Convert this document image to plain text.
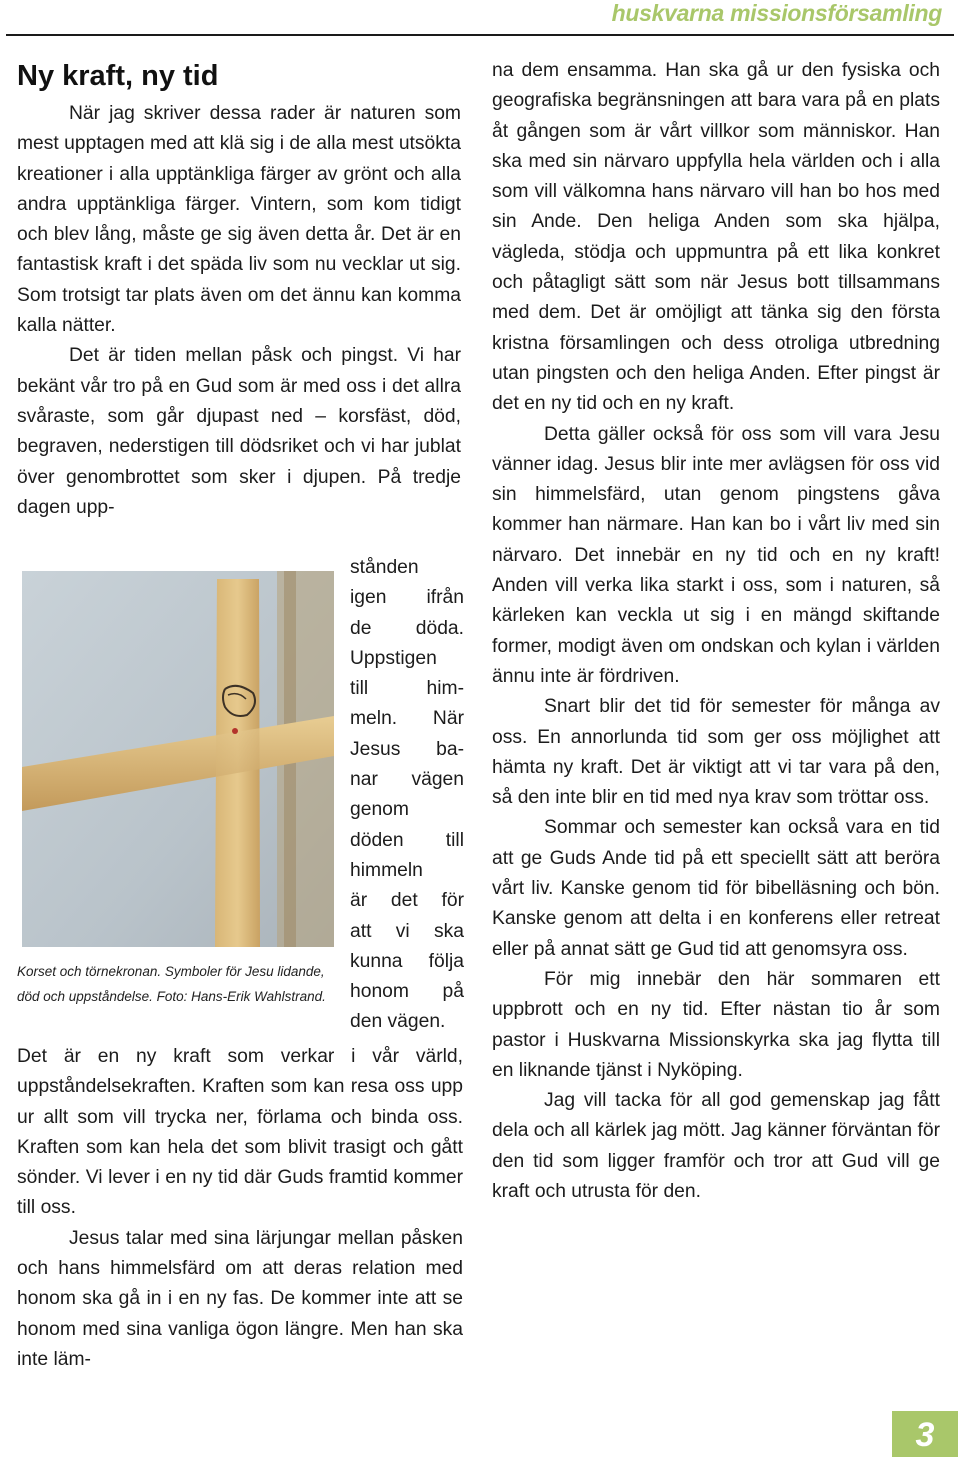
huskvarna missionsförsamling
Ny kraft, ny tid

När jag skriver dessa rader är naturen som mest upptagen med att klä sig i de alla mest utsökta kreationer i alla upptänkliga färger av grönt och alla andra upptänkliga färger. Vintern, som kom tidigt och blev lång, måste ge sig även detta år. Det är en fantastisk kraft i det späda liv som nu vecklar ut sig. Som trotsigt tar plats även om det ännu kan komma kalla nätter.

Det är tiden mellan påsk och pingst. Vi har bekänt vår tro på en Gud som är med oss i det allra svåraste, som går djupast ned – korsfäst, död, begraven, nederstigen till dödsriket och vi har jublat över genombrottet som sker i djupen. På tredje dagen upp-

stånden
igen ifrån
de döda.
Uppstigen
till him-
meln. När
Jesus ba-
nar vägen
genom
döden till
himmeln
är det för
att vi ska
kunna följa
honom på
den vägen.
Korset och törnekronan. Symboler för Jesu lidande, död och uppståndelse. Foto: Hans-Erik Wahlstrand.

Det är en ny kraft som verkar i vår värld, uppståndelsekraften. Kraften som kan resa oss upp ur allt som vill trycka ner, förlama och binda oss. Kraften som kan hela det som blivit trasigt och gått sönder. Vi lever i en ny tid där Guds framtid kommer till oss.

Jesus talar med sina lärjungar mellan påsken och hans himmelsfärd om att deras relation med honom ska gå in i en ny fas. De kommer inte att se honom med sina vanliga ögon längre. Men han ska inte läm-

na dem ensamma. Han ska gå ur den fysiska och geografiska begränsningen att bara vara på en plats åt gången som är vårt villkor som människor. Han ska med sin närvaro uppfylla hela världen och i alla som vill välkomna hans närvaro vill han bo hos med sin Ande. Den heliga Anden som ska hjälpa, vägleda, stödja och uppmuntra på ett lika konkret och påtagligt sätt som när Jesus bott tillsammans med dem. Det är omöjligt att tänka sig den första kristna församlingen och dess otroliga utbredning utan pingsten och den heliga Anden. Efter pingst är det en ny tid och en ny kraft.

Detta gäller också för oss som vill vara Jesu vänner idag. Jesus blir inte mer avlägsen för oss vid sin himmelsfärd, utan genom pingstens gåva kommer han närmare. Han kan bo i vårt liv med sin närvaro. Det innebär en ny tid och en ny kraft! Anden vill verka lika starkt i oss, som i naturen, så kärleken kan veckla ut sig i en mängd skiftande former, modigt även om ondskan och kylan i världen ännu inte är fördriven.

Snart blir det tid för semester för många av oss. En annorlunda tid som ger oss möjlighet att hämta ny kraft. Det är viktigt att vi tar vara på den, så den inte blir en tid med nya krav som tröttar oss.

Sommar och semester kan också vara en tid att ge Guds Ande tid på ett speciellt sätt att beröra vårt liv. Kanske genom tid för bibelläsning och bön. Kanske genom att delta i en konferens eller retreat eller på annat sätt ge Gud tid att genomsyra oss.

För mig innebär den här sommaren ett uppbrott och en ny tid. Efter nästan tio år som pastor i Huskvarna Missionskyrka ska jag flytta till en liknande tjänst i Nyköping.

Jag vill tacka för all god gemenskap jag fått dela och all kärlek jag mött. Jag känner förväntan för den tid som ligger framför och tror att Gud vill ge kraft och utrusta för den.

3
